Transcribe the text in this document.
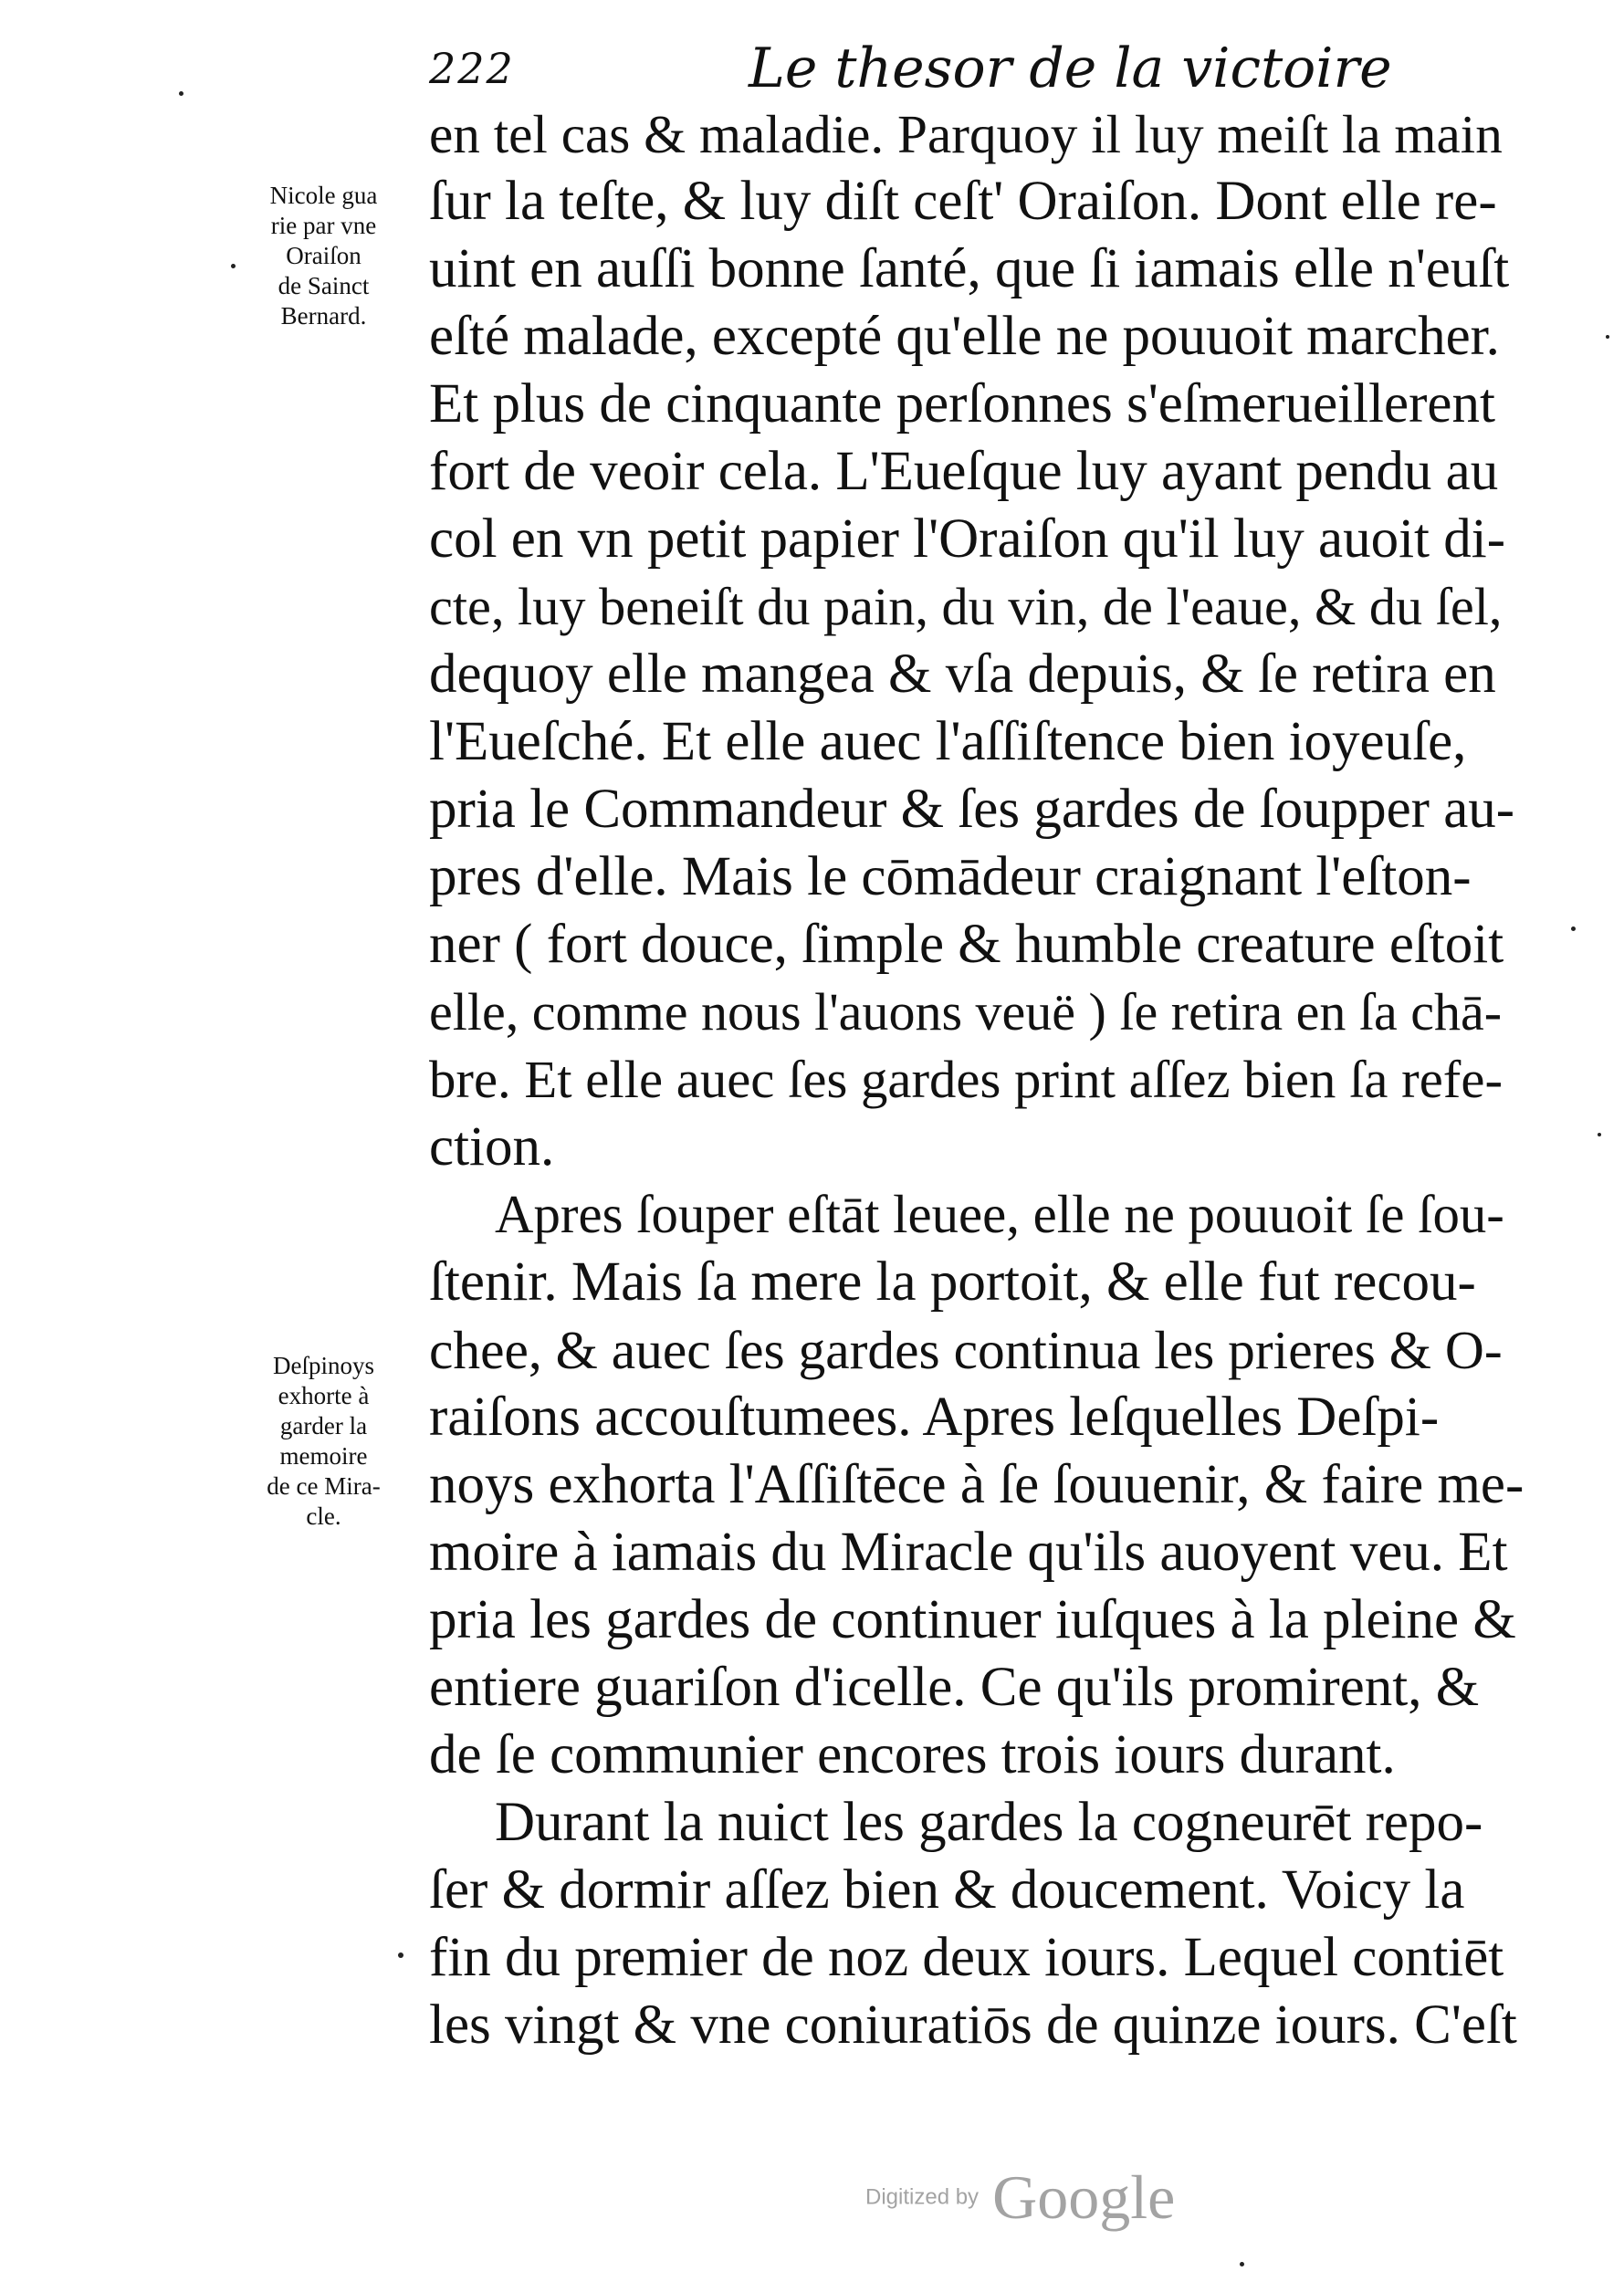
222	Le thesor de la victoire
Nicole gua
rie par vne
Oraiſon
de Sainct
Bernard.
Deſpinoys
exhorte à
garder la
memoire
de ce Mira-
cle.
en tel cas & maladie. Parquoy il luy meiſt la main
ſur la teſte, & luy diſt ceſt' Oraiſon. Dont elle re-
uint en auſſi bonne ſanté, que ſi iamais elle n'euſt
eſté malade, excepté qu'elle ne pouuoit marcher.
Et plus de cinquante perſonnes s'eſmerueillerent
fort de veoir cela. L'Eueſque luy ayant pendu au
col en vn petit papier l'Oraiſon qu'il luy auoit di-
cte, luy beneiſt du pain, du vin, de l'eaue, & du ſel,
dequoy elle mangea & vſa depuis, & ſe retira en
l'Eueſché. Et elle auec l'aſſiſtence bien ioyeuſe,
pria le Commandeur & ſes gardes de ſoupper au-
pres d'elle. Mais le cōmādeur craignant l'eſton-
ner ( fort douce, ſimple & humble creature eſtoit
elle, comme nous l'auons veuë ) ſe retira en ſa chā-
bre. Et elle auec ſes gardes print aſſez bien ſa refe-
ction.
Apres ſouper eſtāt leuee, elle ne pouuoit ſe ſou-
ſtenir. Mais ſa mere la portoit, & elle fut recou-
chee, & auec ſes gardes continua les prieres & O-
raiſons accouſtumees. Apres leſquelles Deſpi-
noys exhorta l'Aſſiſtēce à ſe ſouuenir, & faire me-
moire à iamais du Miracle qu'ils auoyent veu. Et
pria les gardes de continuer iuſques à la pleine &
entiere guariſon d'icelle. Ce qu'ils promirent, &
de ſe communier encores trois iours durant.
Durant la nuict les gardes la cogneurēt repo-
ſer & dormir aſſez bien & doucement. Voicy la
fin du premier de noz deux iours. Lequel contiēt
les vingt & vne coniuratiōs de quinze iours. C'eſt
Digitized by Google
